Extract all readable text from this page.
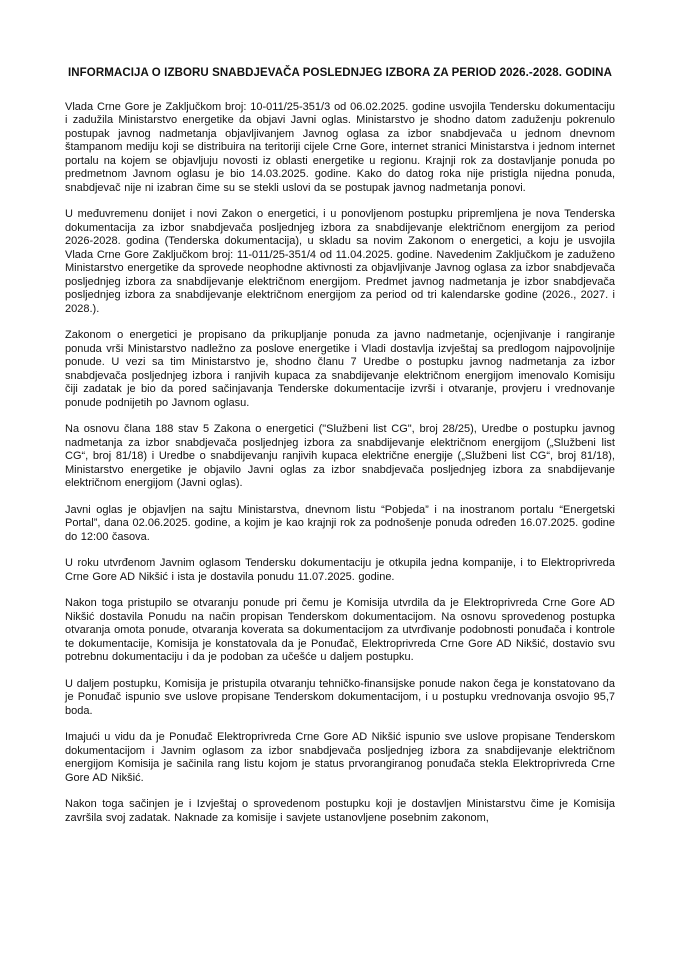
INFORMACIJA O IZBORU SNABDJEVAČA POSLEDNJEG IZBORA ZA PERIOD 2026.-2028. GODINA

Vlada Crne Gore je Zaključkom broj: 10-011/25-351/3 od 06.02.2025. godine usvojila Tendersku dokumentaciju i zadužila Ministarstvo energetike da objavi Javni oglas. Ministarstvo je shodno datom zaduženju pokrenulo postupak javnog nadmetanja objavljivanjem Javnog oglasa za izbor snabdjevača u jednom dnevnom štampanom mediju koji se distribuira na teritoriji cijele Crne Gore, internet stranici Ministarstva i jednom internet portalu na kojem se objavljuju novosti iz oblasti energetike u regionu. Krajnji rok za dostavljanje ponuda po predmetnom Javnom oglasu je bio 14.03.2025. godine. Kako do datog roka nije pristigla nijedna ponuda, snabdjevač nije ni izabran čime su se stekli uslovi da se postupak javnog nadmetanja ponovi.

U međuvremenu donijet i novi Zakon o energetici, i u ponovljenom postupku pripremljena je nova Tenderska dokumentacija za izbor snabdjevača posljednjeg izbora za snabdijevanje električnom energijom za period 2026-2028. godina (Tenderska dokumentacija), u skladu sa novim Zakonom o energetici, a koju je usvojila Vlada Crne Gore Zaključkom broj: 11-011/25-351/4 od 11.04.2025. godine. Navedenim Zaključkom je zaduženo Ministarstvo energetike da sprovede neophodne aktivnosti za objavljivanje Javnog oglasa za izbor snabdjevača posljednjeg izbora za snabdijevanje električnom energijom. Predmet javnog nadmetanja je izbor snabdjevača posljednjeg izbora za snabdijevanje električnom energijom za period od tri kalendarske godine (2026., 2027. i 2028.).

Zakonom o energetici je propisano da prikupljanje ponuda za javno nadmetanje, ocjenjivanje i rangiranje ponuda vrši Ministarstvo nadležno za poslove energetike i Vladi dostavlja izvještaj sa predlogom najpovoljnije ponude. U vezi sa tim Ministarstvo je, shodno članu 7 Uredbe o postupku javnog nadmetanja za izbor snabdjevača posljednjeg izbora i ranjivih kupaca za snabdijevanje električnom energijom imenovalo Komisiju čiji zadatak je bio da pored sačinjavanja Tenderske dokumentacije izvrši i otvaranje, provjeru i vrednovanje ponude podnijetih po Javnom oglasu.

Na osnovu člana 188 stav 5 Zakona o energetici ("Službeni list CG", broj 28/25), Uredbe o postupku javnog nadmetanja za izbor snabdjevača posljednjeg izbora za snabdijevanje električnom energijom („Službeni list CG“, broj 81/18) i Uredbe o snabdijevanju ranjivih kupaca električne energije („Službeni list CG“, broj 81/18), Ministarstvo energetike je objavilo Javni oglas za izbor snabdjevača posljednjeg izbora za snabdijevanje električnom energijom (Javni oglas).

Javni oglas je objavljen na sajtu Ministarstva, dnevnom listu “Pobjeda” i na inostranom portalu “Energetski Portal”, dana 02.06.2025. godine, a kojim je kao krajnji rok za podnošenje ponuda određen 16.07.2025. godine do 12:00 časova.

U roku utvrđenom Javnim oglasom Tendersku dokumentaciju je otkupila jedna kompanije, i to Elektroprivreda Crne Gore AD Nikšić i ista je dostavila ponudu 11.07.2025. godine.

Nakon toga pristupilo se otvaranju ponude pri čemu je Komisija utvrdila da je Elektroprivreda Crne Gore AD Nikšić dostavila Ponudu na način propisan Tenderskom dokumentacijom. Na osnovu sprovedenog postupka otvaranja omota ponude, otvaranja koverata sa dokumentacijom za utvrđivanje podobnosti ponuđača i kontrole te dokumentacije, Komisija je konstatovala da je Ponuđač, Elektroprivreda Crne Gore AD Nikšić, dostavio svu potrebnu dokumentaciju i da je podoban za učešće u daljem postupku.

U daljem postupku, Komisija je pristupila otvaranju tehničko-finansijske ponude nakon čega je konstatovano da je Ponuđač ispunio sve uslove propisane Tenderskom dokumentacijom, i u postupku vrednovanja osvojio 95,7 boda.

Imajući u vidu da je Ponuđač Elektroprivreda Crne Gore AD Nikšić ispunio sve uslove propisane Tenderskom dokumentacijom i Javnim oglasom za izbor snabdjevača posljednjeg izbora za snabdijevanje električnom energijom Komisija je sačinila rang listu kojom je status prvorangiranog ponuđača stekla Elektroprivreda Crne Gore AD Nikšić.

Nakon toga sačinjen je i Izvještaj o sprovedenom postupku koji je dostavljen Ministarstvu čime je Komisija završila svoj zadatak. Naknade za komisije i savjete ustanovljene posebnim zakonom,
